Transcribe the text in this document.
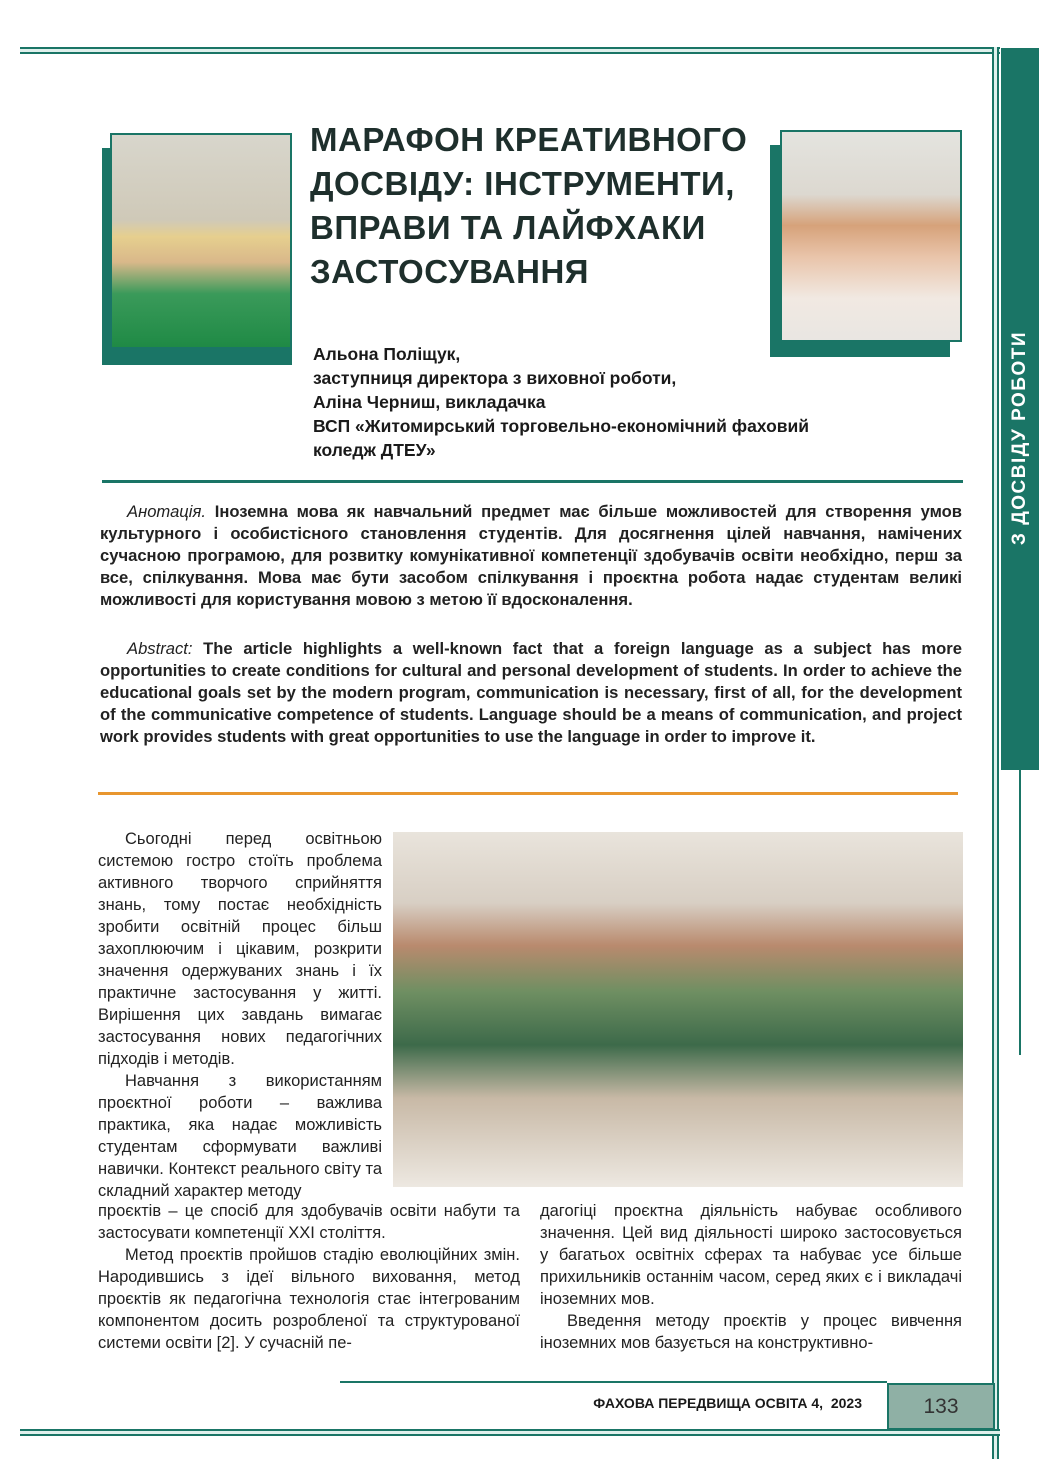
З ДОСВІДУ РОБОТИ
МАРАФОН КРЕАТИВНОГО ДОСВІДУ: ІНСТРУМЕНТИ, ВПРАВИ ТА ЛАЙФХАКИ ЗАСТОСУВАННЯ
Альона Поліщук,
заступниця директора з виховної роботи,
Аліна Черниш, викладачка
ВСП «Житомирський торговельно-економічний фаховий
коледж ДТЕУ»
Анотація. Іноземна мова як навчальний предмет має більше можливостей для створення умов культурного і особистісного становлення студентів. Для досягнення цілей навчання, намічених сучасною програмою, для розвитку комунікативної компетенції здобувачів освіти необхідно, перш за все, спілкування. Мова має бути засобом спілкування і проєктна робота надає студентам великі можливості для користування мовою з метою її вдосконалення.
Abstract: The article highlights a well-known fact that a foreign language as a subject has more opportunities to create conditions for cultural and personal development of students. In order to achieve the educational goals set by the modern program, communication is necessary, first of all, for the development of the communicative competence of students. Language should be a means of communication, and project work provides students with great opportunities to use the language in order to improve it.

Сьогодні перед освітньою системою гостро стоїть проблема активного творчого сприйняття знань, тому постає необхідність зробити освітній процес більш захоплюючим і цікавим, розкрити значення одержуваних знань і їх практичне застосування у житті. Вирішення цих завдань вимагає застосування нових педагогічних підходів і методів.

Навчання з використанням проєктної роботи – важлива практика, яка надає можливість студентам сформувати важливі навички. Контекст реального світу та складний характер методу

проєктів – це спосіб для здобувачів освіти набути та застосувати компетенції XXI століття.

Метод проєктів пройшов стадію еволюційних змін. Народившись з ідеї вільного виховання, метод проєктів як педагогічна технологія стає інтегрованим компонентом досить розробленої та структурованої системи освіти [2]. У сучасній пе-

дагогіці проєктна діяльність набуває особливого значення. Цей вид діяльності широко застосовується у багатьох освітніх сферах та набуває усе більше прихильників останнім часом, серед яких є і викладачі іноземних мов.

Введення методу проєктів у процес вивчення іноземних мов базується на конструктивно-

ФАХОВА ПЕРЕДВИЩА ОСВІТА 4,  2023	133
